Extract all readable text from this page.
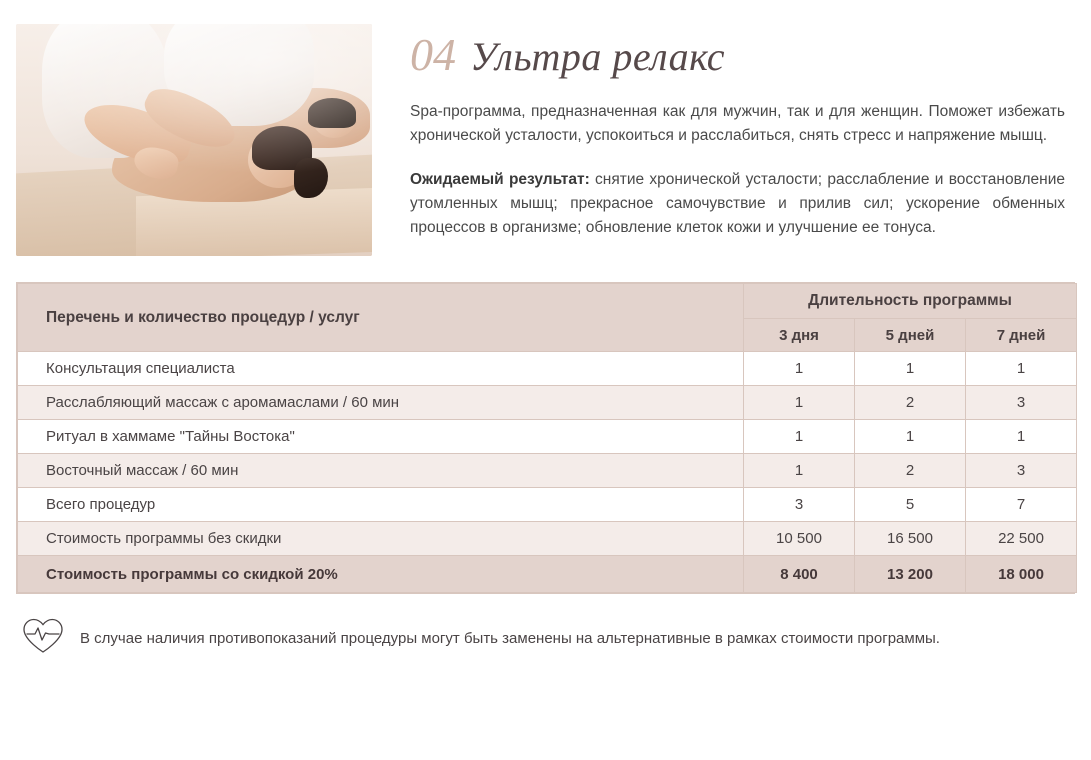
04 Ультра релакс

Spa-программа, предназначенная как для мужчин, так и для женщин. Поможет избежать хронической усталости, успокоиться и расслабиться, снять стресс и напряжение мышц.

Ожидаемый результат: снятие хронической усталости; расслабление и восстановление утомленных мышц; прекрасное самочувствие и прилив сил; ускорение обменных процессов в организме; обновление клеток кожи и улучшение ее тонуса.

Перечень и количество процедур / услуг	Длительность программы		
	3 дня	5 дней	7 дней
Консультация специалиста	1	1	1
Расслабляющий массаж с аромамаслами / 60 мин	1	2	3
Ритуал в хаммаме "Тайны Востока"	1	1	1
Восточный массаж / 60 мин	1	2	3
Всего процедур	3	5	7
Стоимость программы без скидки	10 500	16 500	22 500
Стоимость программы со скидкой 20%	8 400	13 200	18 000
В случае наличия противопоказаний процедуры могут быть заменены на альтернативные в рамках стоимости программы.
